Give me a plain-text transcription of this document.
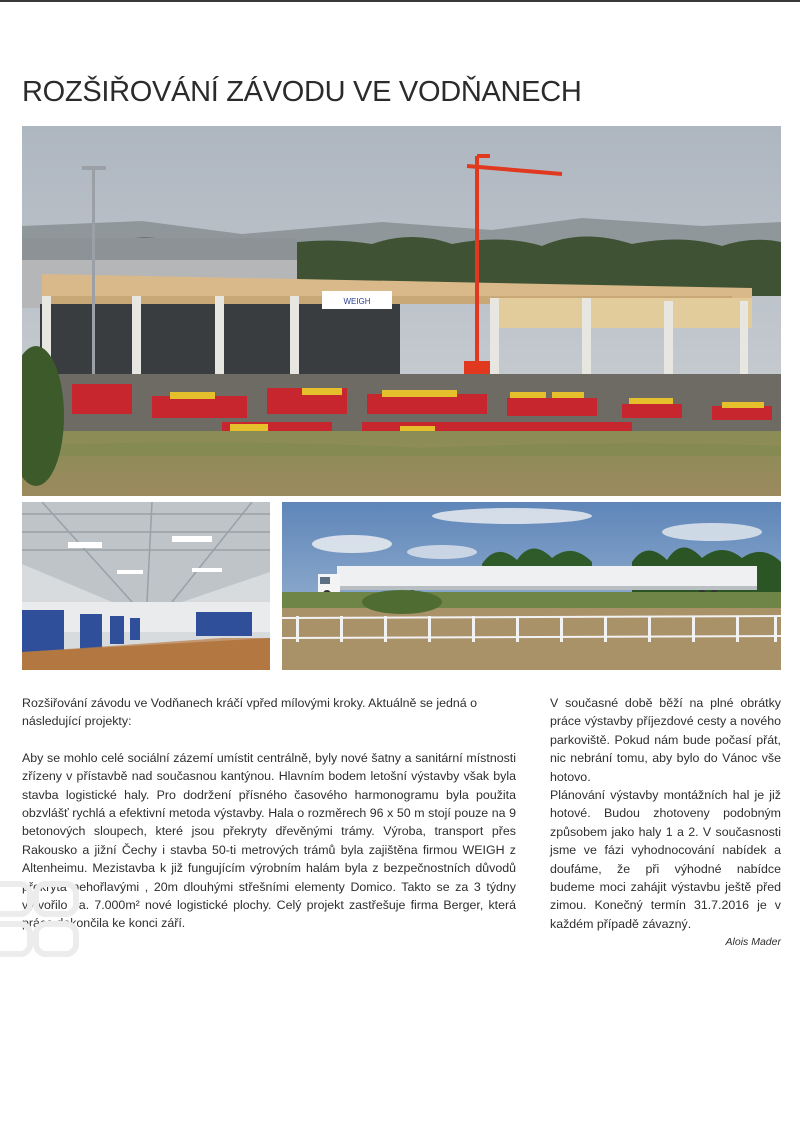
ROZŠIŘOVÁNÍ ZÁVODU VE VODŇANECH
WEIGH

Rozšiřování závodu ve Vodňanech kráčí vpřed mílovými kroky. Aktuálně se jedná o následující projekty:

Aby se mohlo celé sociální zázemí umístit centrálně, byly nové šatny a sanitární místnosti zřízeny v přístavbě nad současnou kantýnou. Hlavním bodem letošní výstavby však byla stavba logistické haly. Pro dodržení přísného časového harmonogramu byla použita obzvlášť rychlá a efektivní metoda výstavby. Hala o rozměrech 96 x 50 m stojí pouze na 9 betonových sloupech, které jsou překryty dřevěnými trámy. Výroba, transport přes Rakousko a jižní Čechy i stavba 50-ti metrových trámů byla zajištěna firmou WEIGH z Altenheimu. Mezistavba k již fungujícím výrobním halám byla z bezpečnostních důvodů překryta nehořlavými , 20m dlouhými střešními elementy Domico. Takto se za 3 týdny vytvořilo ca. 7.000m² nové logistické plochy. Celý projekt zastřešuje firma Berger, která práce dokončila ke konci září.

V současné době běží na plné obrátky práce výstavby příjezdové cesty a nového parkoviště. Pokud nám bude počasí přát, nic nebrání tomu, aby bylo do Vánoc vše hotovo.

Plánování výstavby montážních hal je již hotové. Budou zhotoveny podobným způsobem jako haly 1 a 2. V současnosti jsme ve fázi vyhodnocování nabídek a doufáme, že při výhodné nabídce budeme moci zahájit výstavbu ještě před zimou. Konečný termín 31.7.2016 je v každém případě závazný.

Alois Mader
